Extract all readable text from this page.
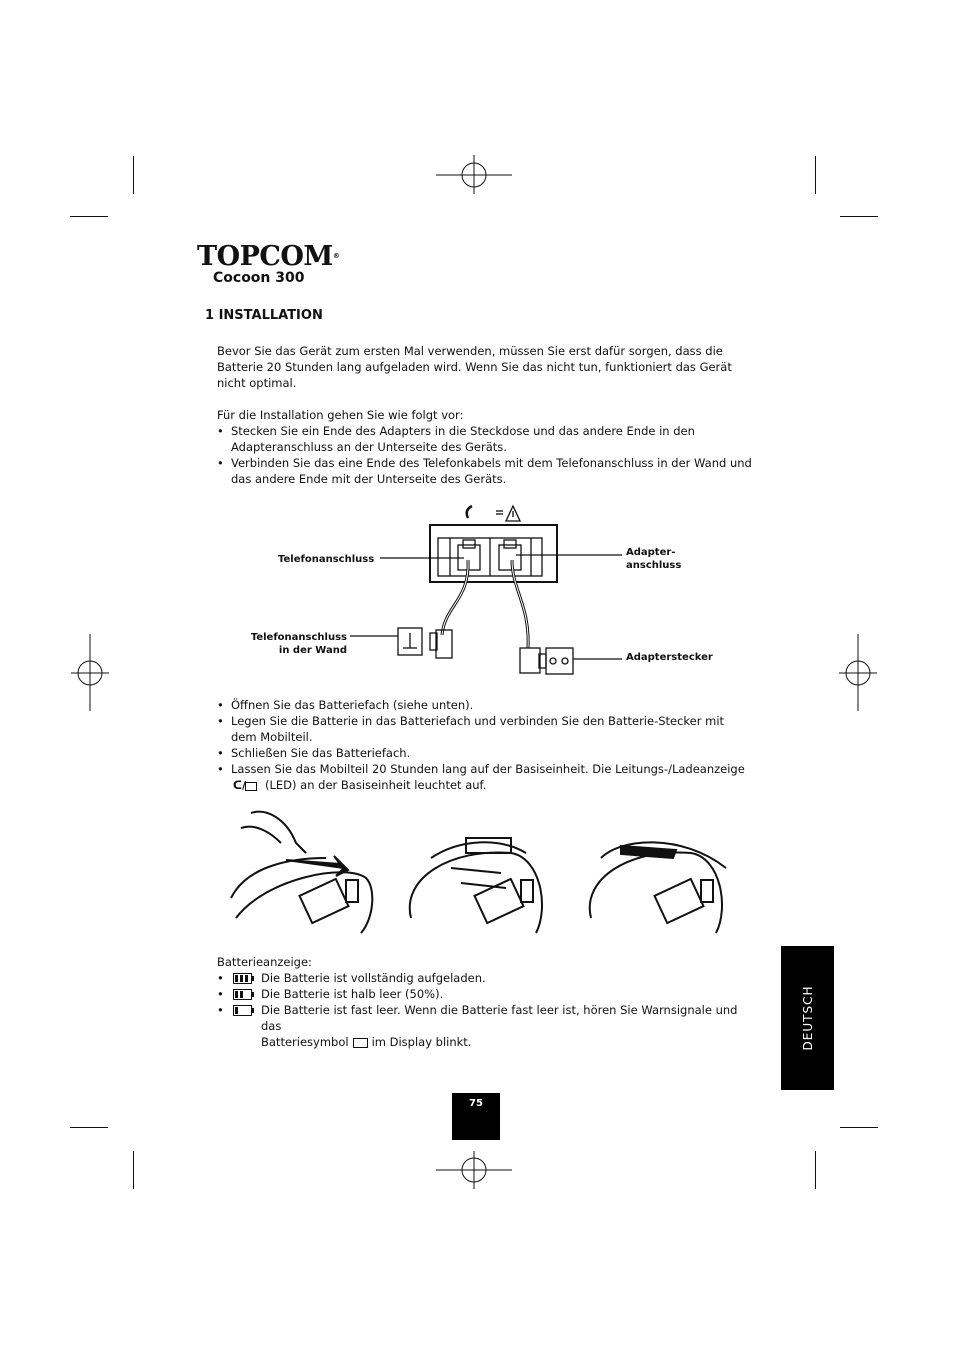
TOPCOM®
Cocoon 300
1 INSTALLATION
Bevor Sie das Gerät zum ersten Mal verwenden, müssen Sie erst dafür sorgen, dass die Batterie 20 Stunden lang aufgeladen wird. Wenn Sie das nicht tun, funktioniert das Gerät nicht optimal.
Für die Installation gehen Sie wie folgt vor:
• Stecken Sie ein Ende des Adapters in die Steckdose und das andere Ende in den Adapteranschluss an der Unterseite des Geräts.
• Verbinden Sie das eine Ende des Telefonkabels mit dem Telefonanschluss in der Wand und das andere Ende mit der Unterseite des Geräts.
Telefonanschluss
Adapter-
anschluss
Telefonanschluss
in der Wand
Adapterstecker
• Öffnen Sie das Batteriefach (siehe unten).
• Legen Sie die Batterie in das Batteriefach und verbinden Sie den Batterie-Stecker mit dem Mobilteil.
• Schließen Sie das Batteriefach.
• Lassen Sie das Mobilteil 20 Stunden lang auf der Basiseinheit. Die Leitungs-/Ladeanzeige

ᑕ/ (LED) an der Basiseinheit leuchtet auf.
Batterieanzeige:
• Die Batterie ist vollständig aufgeladen.
• Die Batterie ist halb leer (50%).
• Die Batterie ist fast leer. Wenn die Batterie fast leer ist, hören Sie Warnsignale und das
Batteriesymbol im Display blinkt.	DEUTSCH
75
